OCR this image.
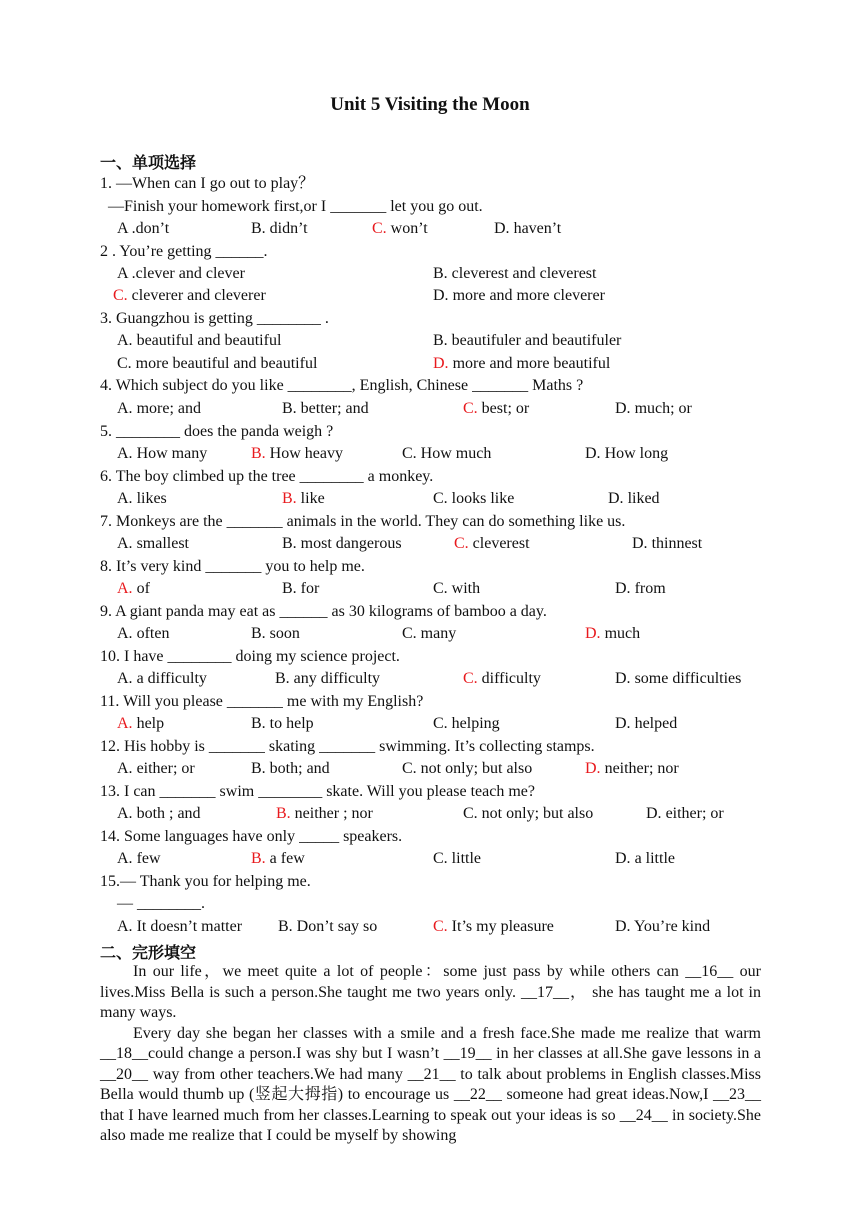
Unit 5 Visiting the Moon
一、单项选择
1. —When can I go out to play？
—Finish your homework first,or I _______ let you go out.
A .don’t	B. didn’t	C. won’t	D. haven’t
2 . You’re getting ______.
A .clever and clever	B. cleverest and cleverest
C. cleverer and cleverer	D. more and more cleverer
3. Guangzhou is getting ________ .
A. beautiful and beautiful	B. beautifuler and beautifuler
C. more beautiful and beautiful	D. more and more beautiful
4. Which subject do you like ________, English, Chinese _______ Maths ?
A. more; and	B. better; and	C. best; or	D. much; or
5. ________ does the panda weigh ?
A. How many	B. How heavy	C. How much	D. How long
6. The boy climbed up the tree ________ a monkey.
A. likes	B. like	C. looks like	D. liked
7. Monkeys are the _______ animals in the world. They can do something like us.
A. smallest	B. most dangerous	C. cleverest	D. thinnest
8. It’s very kind _______ you to help me.
A. of	B. for	C. with	D. from
9. A giant panda may eat as ______ as 30 kilograms of bamboo a day.
A. often	B. soon	C. many	D. much
10. I have ________ doing my science project.
A. a difficulty	B. any difficulty	C. difficulty	D. some difficulties
11. Will you please _______ me with my English?
A. help	B. to help	C. helping	D. helped
12. His hobby is _______ skating _______ swimming. It’s collecting stamps.
A. either; or	B. both; and	C. not only; but also	D. neither; nor
13. I can _______ swim ________ skate. Will you please teach me?
A. both ; and	B. neither ; nor	C. not only; but also	D. either; or
14. Some languages have only _____ speakers.
A. few	B. a few	C. little	D. a little
15.— Thank you for helping me.
— ________.
A. It doesn’t matter B. Don’t say so	C. It’s my pleasure	D. You’re kind
二、完形填空

In our life，we meet quite a lot of people：some just pass by while others can __16__ our lives.Miss Bella is such a person.She taught me two years only. __17__， she has taught me a lot in many ways.

Every day she began her classes with a smile and a fresh face.She made me realize that warm __18__could change a person.I was shy but I wasn’t __19__ in her classes at all.She gave lessons in a __20__ way from other teachers.We had many __21__ to talk about problems in English classes.Miss Bella would thumb up (竖起大拇指) to encourage us __22__ someone had great ideas.Now,I __23__ that I have learned much from her classes.Learning to speak out your ideas is so __24__ in society.She also made me realize that I could be myself by showing
